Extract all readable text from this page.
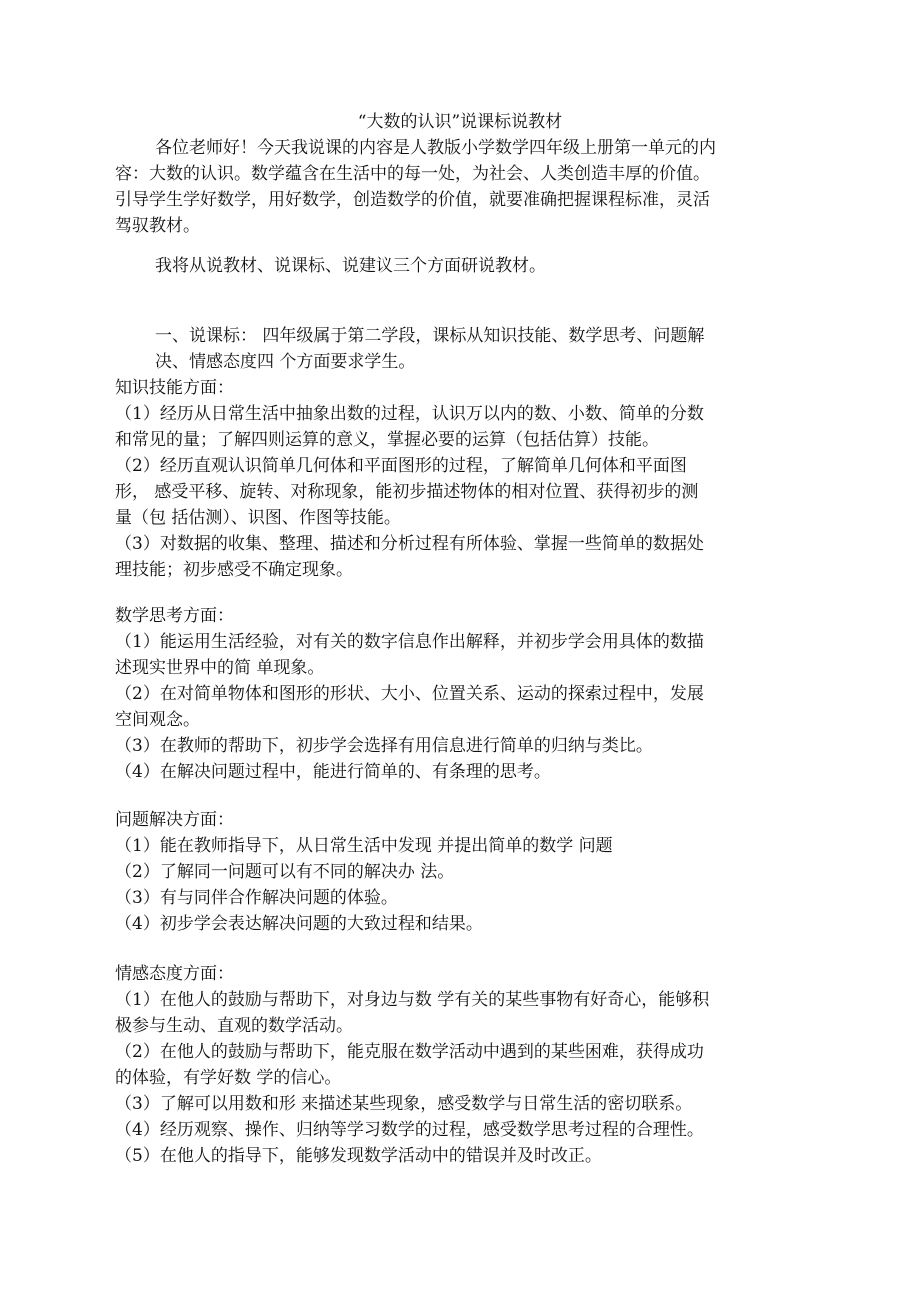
“大数的认识”说课标说教材
各位老师好！今天我说课的内容是人教版小学数学四年级上册第一单元的内
容：大数的认识。数学蕴含在生活中的每一处，为社会、人类创造丰厚的价值。
引导学生学好数学，用好数学，创造数学的价值，就要准确把握课程标准，灵活
驾驭教材。
我将从说教材、说课标、说建议三个方面研说教材。
一、说课标： 四年级属于第二学段，课标从知识技能、数学思考、问题解
决、情感态度四 个方面要求学生。
知识技能方面：
（1）经历从日常生活中抽象出数的过程，认识万以内的数、小数、简单的分数
和常见的量；了解四则运算的意义，掌握必要的运算（包括估算）技能。
（2）经历直观认识简单几何体和平面图形的过程，了解简单几何体和平面图
形， 感受平移、旋转、对称现象，能初步描述物体的相对位置、获得初步的测
量（包 括估测）、识图、作图等技能。
（3）对数据的收集、整理、描述和分析过程有所体验、掌握一些简单的数据处
理技能；初步感受不确定现象。
数学思考方面：
（1）能运用生活经验，对有关的数字信息作出解释，并初步学会用具体的数描
述现实世界中的简 单现象。
（2）在对简单物体和图形的形状、大小、位置关系、运动的探索过程中，发展
空间观念。
（3）在教师的帮助下，初步学会选择有用信息进行简单的归纳与类比。
（4）在解决问题过程中，能进行简单的、有条理的思考。
问题解决方面：
（1）能在教师指导下，从日常生活中发现 并提出简单的数学 问题
（2）了解同一问题可以有不同的解决办 法。
（3）有与同伴合作解决问题的体验。
（4）初步学会表达解决问题的大致过程和结果。
情感态度方面：
（1）在他人的鼓励与帮助下，对身边与数 学有关的某些事物有好奇心，能够积
极参与生动、直观的数学活动。
（2）在他人的鼓励与帮助下，能克服在数学活动中遇到的某些困难，获得成功
的体验，有学好数 学的信心。
（3）了解可以用数和形 来描述某些现象，感受数学与日常生活的密切联系。
（4）经历观察、操作、归纳等学习数学的过程，感受数学思考过程的合理性。
（5）在他人的指导下，能够发现数学活动中的错误并及时改正。
